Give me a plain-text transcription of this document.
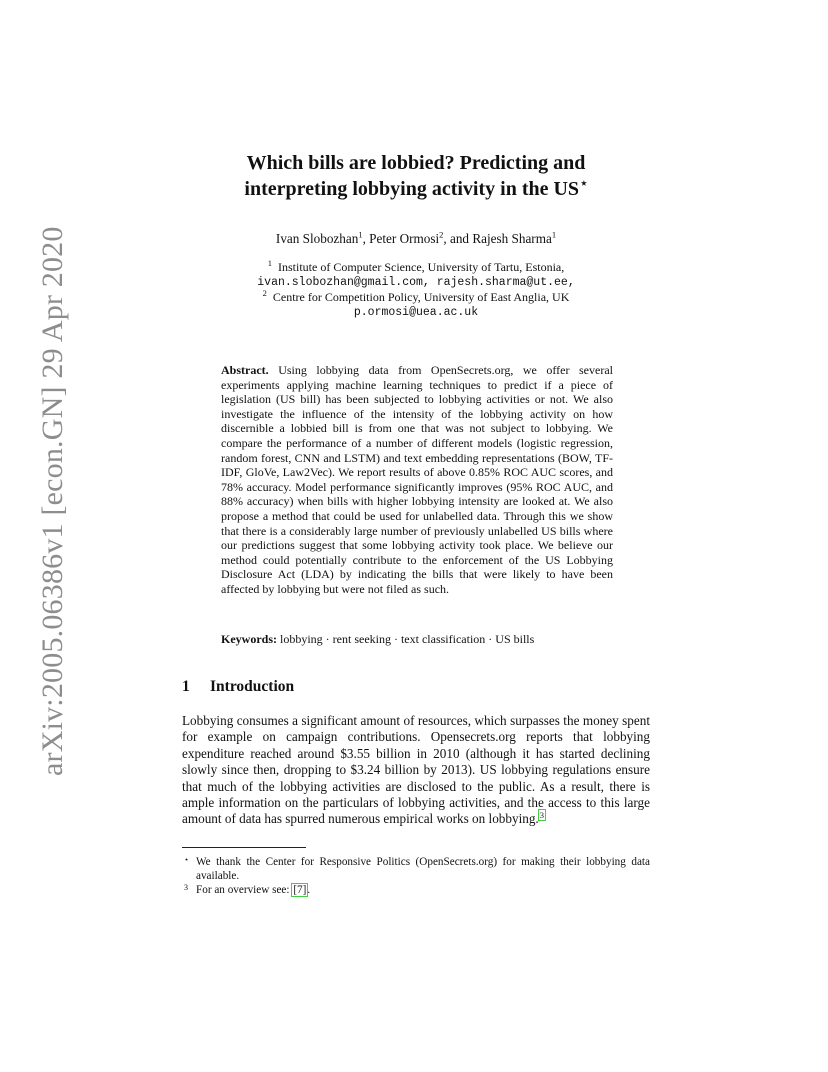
arXiv:2005.06386v1 [econ.GN] 29 Apr 2020
Which bills are lobbied? Predicting and
interpreting lobbying activity in the US⋆
Ivan Slobozhan$^1$, Peter Ormosi$^2$, and Rajesh Sharma$^1$
$^1$ Institute of Computer Science, University of Tartu, Estonia,
ivan.slobozhan@gmail.com, rajesh.sharma@ut.ee,
$^2$ Centre for Competition Policy, University of East Anglia, UK
p.ormosi@uea.ac.uk
Abstract. Using lobbying data from OpenSecrets.org, we offer several experiments applying machine learning techniques to predict if a piece of legislation (US bill) has been subjected to lobbying activities or not. We also investigate the influence of the intensity of the lobbying activity on how discernible a lobbied bill is from one that was not subject to lobbying. We compare the performance of a number of different models (logistic regression, random forest, CNN and LSTM) and text embedding representations (BOW, TF-IDF, GloVe, Law2Vec). We report results of above 0.85% ROC AUC scores, and 78% accuracy. Model performance significantly improves (95% ROC AUC, and 88% accuracy) when bills with higher lobbying intensity are looked at. We also propose a method that could be used for unlabelled data. Through this we show that there is a considerably large number of previously unlabelled US bills where our predictions suggest that some lobbying activity took place. We believe our method could potentially contribute to the enforcement of the US Lobbying Disclosure Act (LDA) by indicating the bills that were likely to have been affected by lobbying but were not filed as such.
Keywords: lobbying · rent seeking · text classification · US bills
1 Introduction
Lobbying consumes a significant amount of resources, which surpasses the money spent for example on campaign contributions. Opensecrets.org reports that lobbying expenditure reached around $3.55 billion in 2010 (although it has started declining slowly since then, dropping to $3.24 billion by 2013). US lobbying regulations ensure that much of the lobbying activities are disclosed to the public. As a result, there is ample information on the particulars of lobbying activities, and the access to this large amount of data has spurred numerous empirical works on lobbying.$^3$
⋆ We thank the Center for Responsive Politics (OpenSecrets.org) for making their lobbying data available.
3 For an overview see: [7].
